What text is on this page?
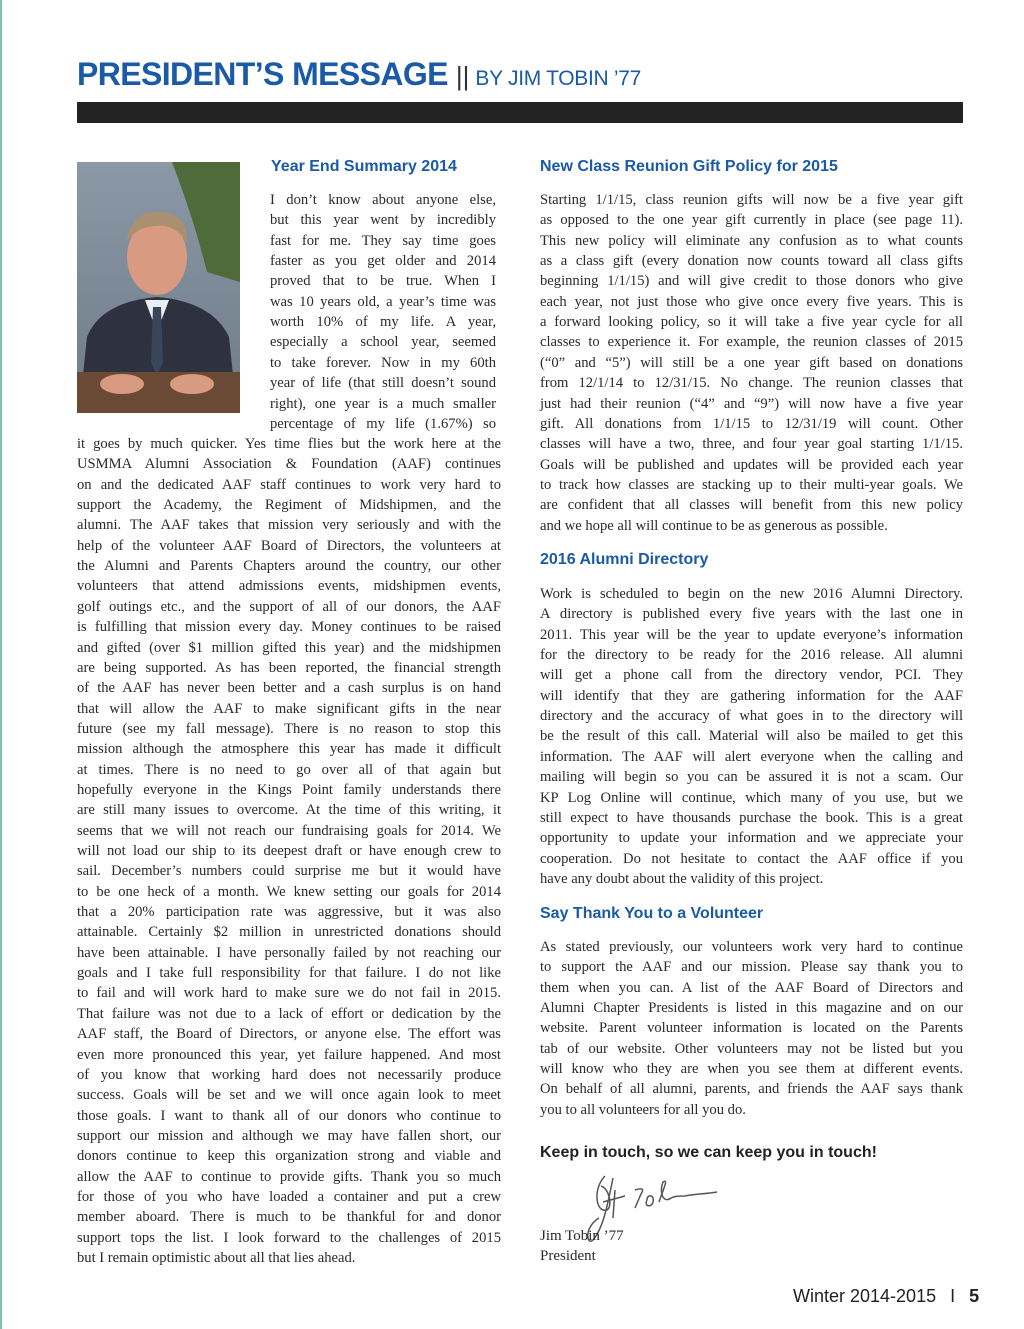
PRESIDENT’S MESSAGE || BY JIM TOBIN ’77
Year End Summary 2014
I don’t know about anyone else,
but this year went by incredibly
fast for me. They say time goes
faster as you get older and 2014
proved that to be true. When I
was 10 years old, a year’s time was
worth 10% of my life. A year,
especially a school year, seemed
to take forever. Now in my 60th
year of life (that still doesn’t sound
right), one year is a much smaller
percentage of my life (1.67%) so
it goes by much quicker. Yes time flies but the work here at the
USMMA Alumni Association & Foundation (AAF) continues
on and the dedicated AAF staff continues to work very hard to
support the Academy, the Regiment of Midshipmen, and the
alumni. The AAF takes that mission very seriously and with the
help of the volunteer AAF Board of Directors, the volunteers at
the Alumni and Parents Chapters around the country, our other
volunteers that attend admissions events, midshipmen events,
golf outings etc., and the support of all of our donors, the AAF
is fulfilling that mission every day. Money continues to be raised
and gifted (over $1 million gifted this year) and the midshipmen
are being supported. As has been reported, the financial strength
of the AAF has never been better and a cash surplus is on hand
that will allow the AAF to make significant gifts in the near
future (see my fall message). There is no reason to stop this
mission although the atmosphere this year has made it difficult
at times. There is no need to go over all of that again but
hopefully everyone in the Kings Point family understands there
are still many issues to overcome. At the time of this writing, it
seems that we will not reach our fundraising goals for 2014. We
will not load our ship to its deepest draft or have enough crew to
sail. December’s numbers could surprise me but it would have
to be one heck of a month. We knew setting our goals for 2014
that a 20% participation rate was aggressive, but it was also
attainable. Certainly $2 million in unrestricted donations should
have been attainable. I have personally failed by not reaching our
goals and I take full responsibility for that failure. I do not like
to fail and will work hard to make sure we do not fail in 2015.
That failure was not due to a lack of effort or dedication by the
AAF staff, the Board of Directors, or anyone else. The effort was
even more pronounced this year, yet failure happened. And most
of you know that working hard does not necessarily produce
success. Goals will be set and we will once again look to meet
those goals. I want to thank all of our donors who continue to
support our mission and although we may have fallen short, our
donors continue to keep this organization strong and viable and
allow the AAF to continue to provide gifts. Thank you so much
for those of you who have loaded a container and put a crew
member aboard. There is much to be thankful for and donor
support tops the list. I look forward to the challenges of 2015
but I remain optimistic about all that lies ahead.
New Class Reunion Gift Policy for 2015
Starting 1/1/15, class reunion gifts will now be a five year gift
as opposed to the one year gift currently in place (see page 11).
This new policy will eliminate any confusion as to what counts
as a class gift (every donation now counts toward all class gifts
beginning 1/1/15) and will give credit to those donors who give
each year, not just those who give once every five years. This is
a forward looking policy, so it will take a five year cycle for all
classes to experience it. For example, the reunion classes of 2015
(“0” and “5”) will still be a one year gift based on donations
from 12/1/14 to 12/31/15. No change. The reunion classes that
just had their reunion (“4” and “9”) will now have a five year
gift. All donations from 1/1/15 to 12/31/19 will count. Other
classes will have a two, three, and four year goal starting 1/1/15.
Goals will be published and updates will be provided each year
to track how classes are stacking up to their multi-year goals. We
are confident that all classes will benefit from this new policy
and we hope all will continue to be as generous as possible.
2016 Alumni Directory
Work is scheduled to begin on the new 2016 Alumni Directory.
A directory is published every five years with the last one in
2011. This year will be the year to update everyone’s information
for the directory to be ready for the 2016 release. All alumni
will get a phone call from the directory vendor, PCI. They
will identify that they are gathering information for the AAF
directory and the accuracy of what goes in to the directory will
be the result of this call. Material will also be mailed to get this
information. The AAF will alert everyone when the calling and
mailing will begin so you can be assured it is not a scam. Our
KP Log Online will continue, which many of you use, but we
still expect to have thousands purchase the book. This is a great
opportunity to update your information and we appreciate your
cooperation. Do not hesitate to contact the AAF office if you
have any doubt about the validity of this project.
Say Thank You to a Volunteer
As stated previously, our volunteers work very hard to continue
to support the AAF and our mission. Please say thank you to
them when you can. A list of the AAF Board of Directors and
Alumni Chapter Presidents is listed in this magazine and on our
website. Parent volunteer information is located on the Parents
tab of our website. Other volunteers may not be listed but you
will know who they are when you see them at different events.
On behalf of all alumni, parents, and friends the AAF says thank
you to all volunteers for all you do.
Keep in touch, so we can keep you in touch!
Jim Tobin ’77
President
Winter 2014-2015 I 5
